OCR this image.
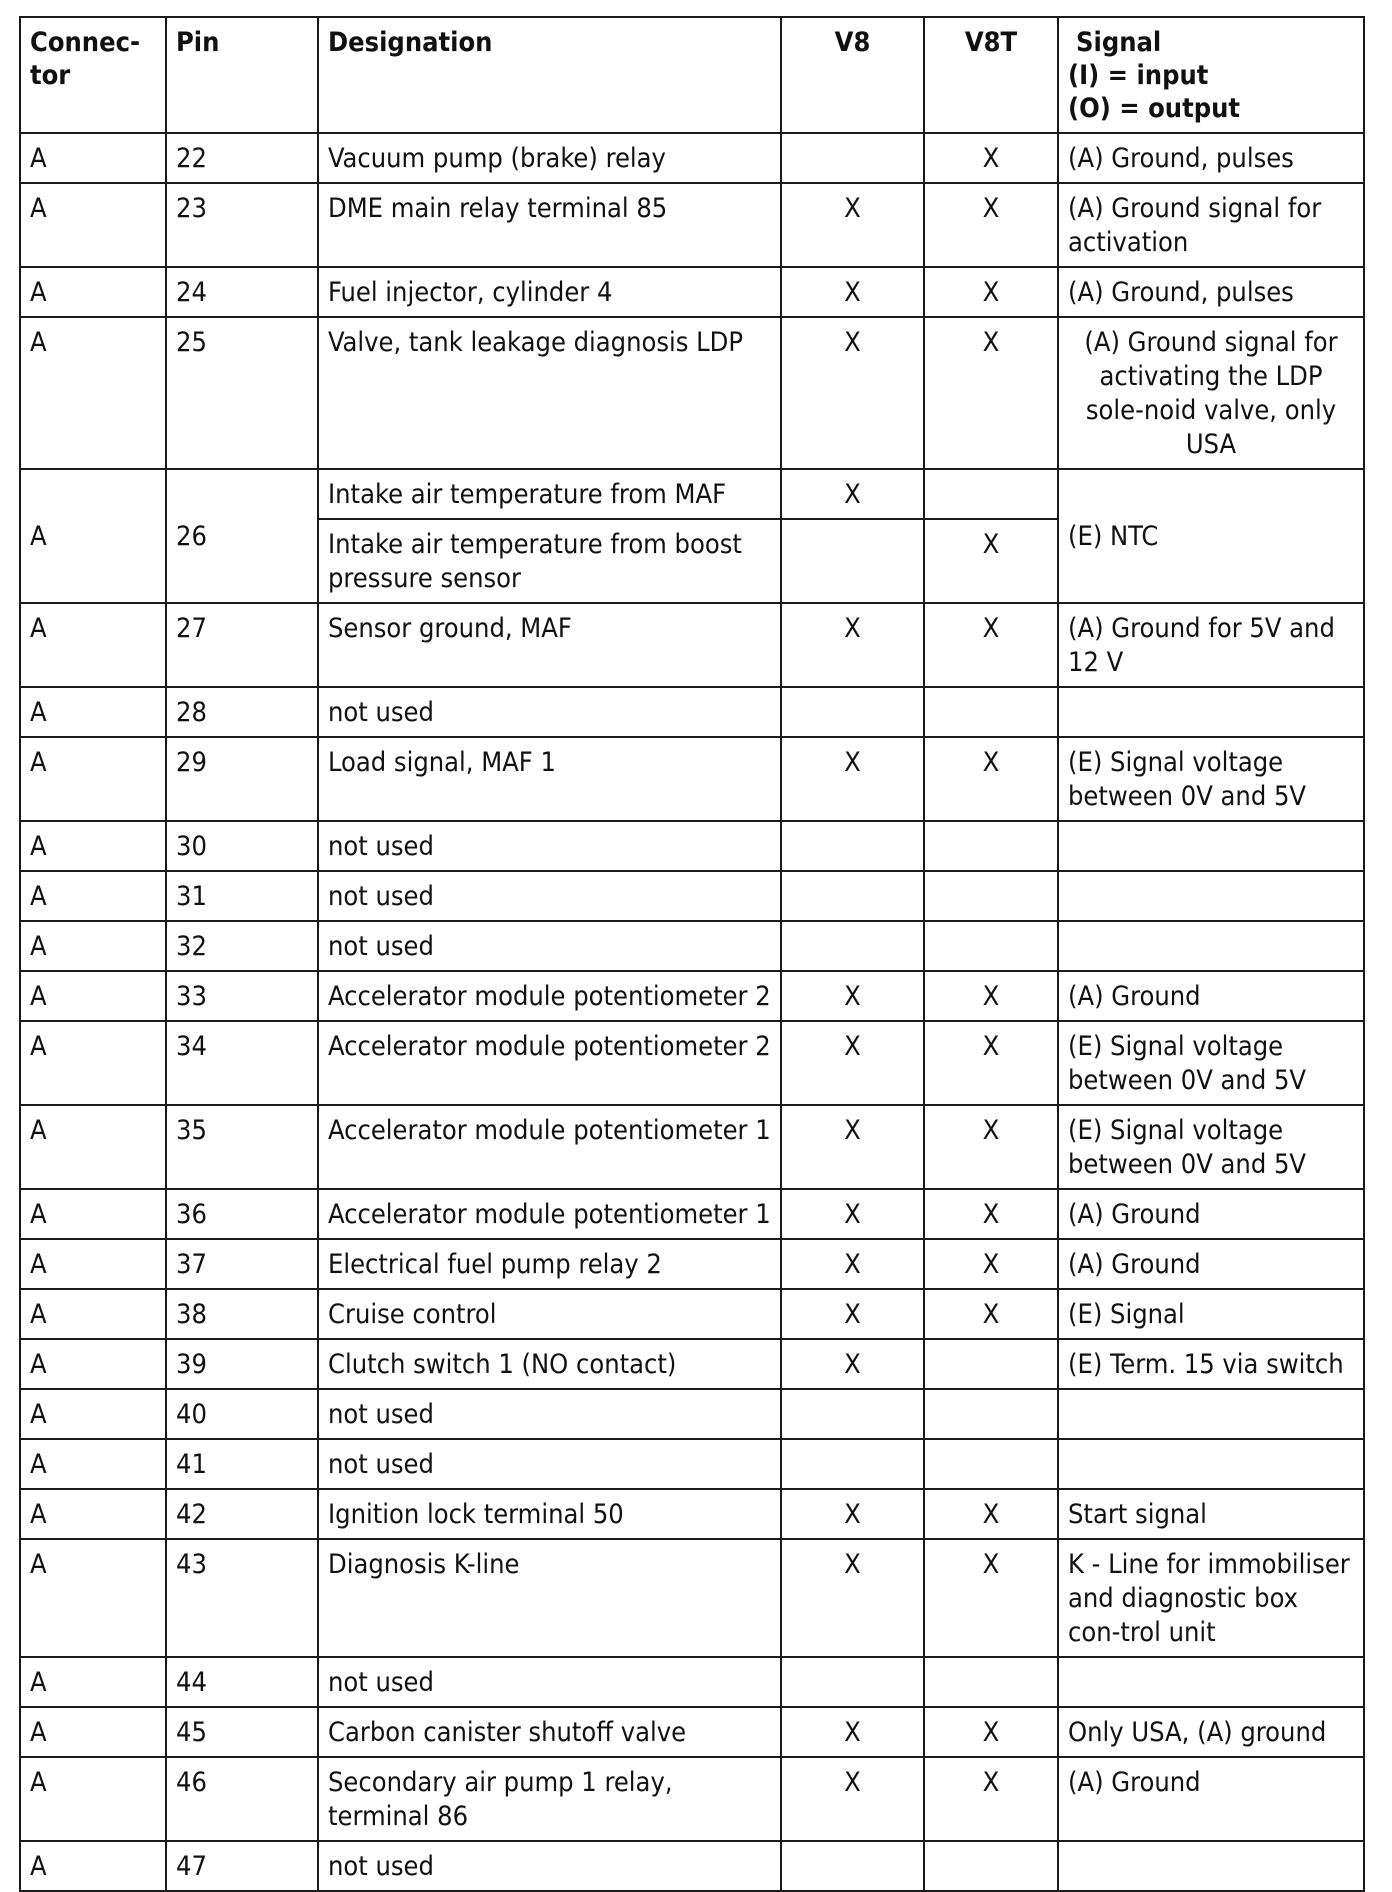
Connec-
tor	Pin	Designation	V8	V8T	Signal
(I) = input
(O) = output

A	22	Vacuum pump (brake) relay		X	(A) Ground, pulses
A	23	DME main relay terminal 85	X	X	(A) Ground signal for activation
A	24	Fuel injector, cylinder 4	X	X	(A) Ground, pulses
A	25	Valve, tank leakage diagnosis LDP	X	X	(A) Ground signal for activating the LDP sole-noid valve, only USA
A	26	Intake air temperature from MAF	X		(E) NTC
		Intake air temperature from boost pressure sensor		X	
A	27	Sensor ground, MAF	X	X	(A) Ground for 5V and 12 V
A	28	not used			
A	29	Load signal, MAF 1	X	X	(E) Signal voltage between 0V and 5V
A	30	not used			
A	31	not used			
A	32	not used			
A	33	Accelerator module potentiometer 2	X	X	(A) Ground
A	34	Accelerator module potentiometer 2	X	X	(E) Signal voltage between 0V and 5V
A	35	Accelerator module potentiometer 1	X	X	(E) Signal voltage between 0V and 5V
A	36	Accelerator module potentiometer 1	X	X	(A) Ground
A	37	Electrical fuel pump relay 2	X	X	(A) Ground
A	38	Cruise control	X	X	(E) Signal
A	39	Clutch switch 1 (NO contact)	X		(E) Term. 15 via switch
A	40	not used			
A	41	not used			
A	42	Ignition lock terminal 50	X	X	Start signal
A	43	Diagnosis K-line	X	X	K - Line for immobiliser and diagnostic box con-trol unit
A	44	not used			
A	45	Carbon canister shutoff valve	X	X	Only USA, (A) ground
A	46	Secondary air pump 1 relay, terminal 86	X	X	(A) Ground
A	47	not used			
